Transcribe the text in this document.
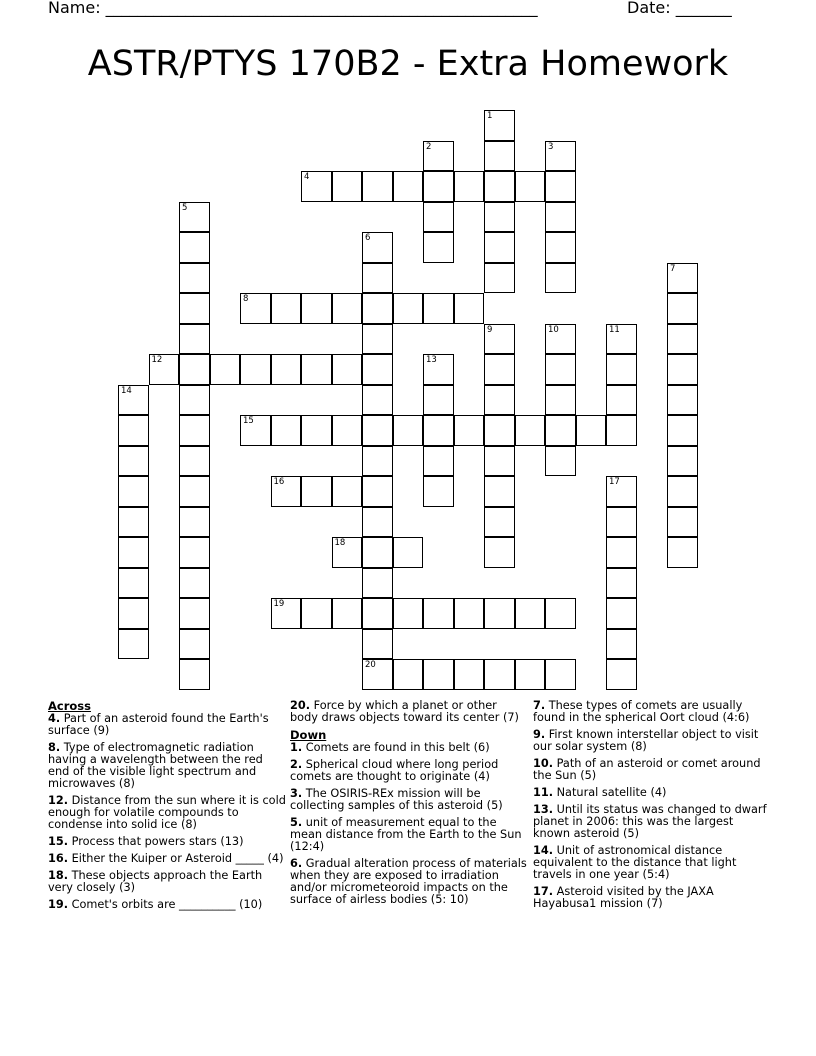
Name: ______________________________________________________	Date: _______
ASTR/PTYS 170B2 - Extra Homework
1
2	3
4
5
6
20
7
8
9	10	11
12	13
14
15
16	17
18
19
Across
4. Part of an asteroid found the Earth's surface (9)
8. Type of electromagnetic radiation having a wavelength between the red end of the visible light spectrum and microwaves (8)
12. Distance from the sun where it is cold enough for volatile compounds to condense into solid ice (8)
15. Process that powers stars (13)
16. Either the Kuiper or Asteroid _____ (4)
18. These objects approach the Earth very closely (3)
19. Comet's orbits are __________ (10)
20. Force by which a planet or other body draws objects toward its center (7)
Down
1. Comets are found in this belt (6)
2. Spherical cloud where long period comets are thought to originate (4)
3. The OSIRIS-REx mission will be collecting samples of this asteroid (5)
5. unit of measurement equal to the mean distance from the Earth to the Sun (12:4)
6. Gradual alteration process of materials when they are exposed to irradiation and/or micrometeoroid impacts on the surface of airless bodies (5: 10)
7. These types of comets are usually found in the spherical Oort cloud (4:6)
9. First known interstellar object to visit our solar system (8)
10. Path of an asteroid or comet around the Sun (5)
11. Natural satellite (4)
13. Until its status was changed to dwarf planet in 2006: this was the largest known asteroid (5)
14. Unit of astronomical distance equivalent to the distance that light travels in one year (5:4)
17. Asteroid visited by the JAXA Hayabusa1 mission (7)
